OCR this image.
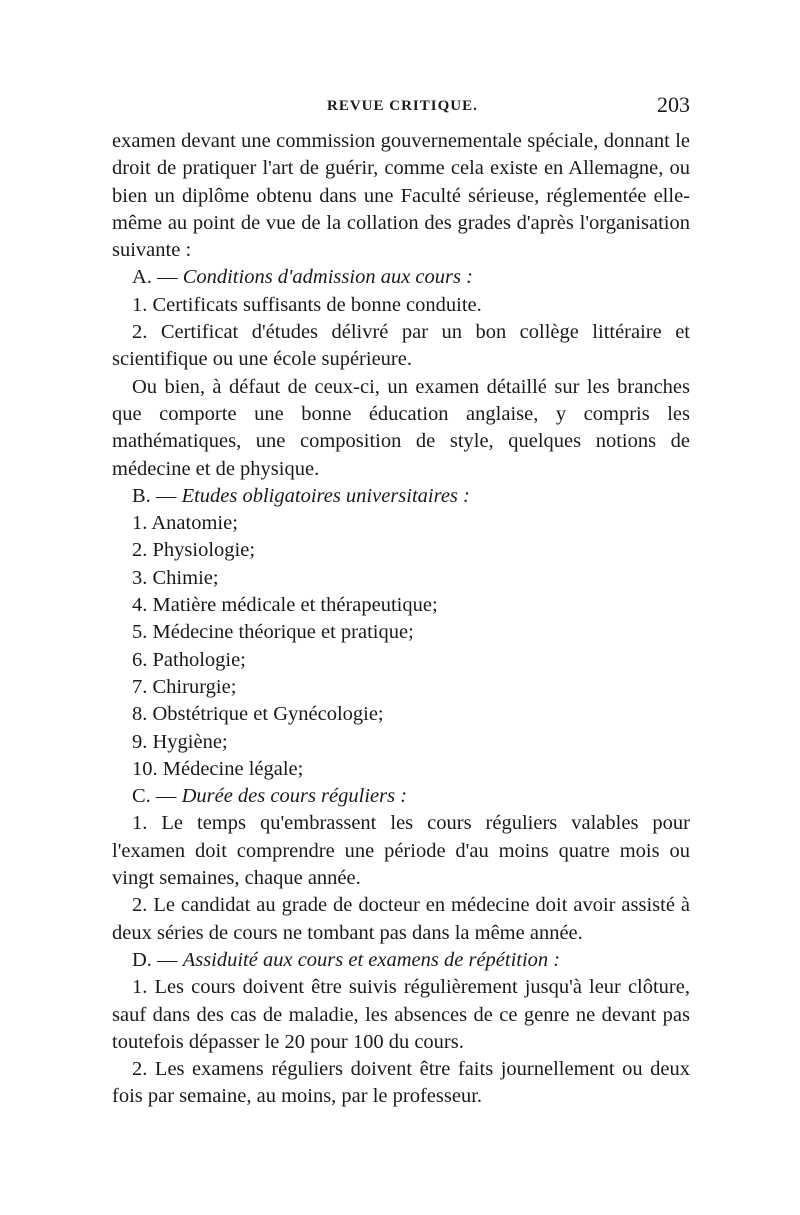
REVUE CRITIQUE.	203

examen devant une commission gouvernementale spéciale, donnant le droit de pratiquer l'art de guérir, comme cela existe en Allemagne, ou bien un diplôme obtenu dans une Faculté sérieuse, réglementée elle-même au point de vue de la collation des grades d'après l'organisation suivante :

A. — Conditions d'admission aux cours :

1. Certificats suffisants de bonne conduite.

2. Certificat d'études délivré par un bon collège littéraire et scientifique ou une école supérieure.

Ou bien, à défaut de ceux-ci, un examen détaillé sur les branches que comporte une bonne éducation anglaise, y compris les mathématiques, une composition de style, quelques notions de médecine et de physique.

B. — Etudes obligatoires universitaires :

1. Anatomie;

2. Physiologie;

3. Chimie;

4. Matière médicale et thérapeutique;

5. Médecine théorique et pratique;

6. Pathologie;

7. Chirurgie;

8. Obstétrique et Gynécologie;

9. Hygiène;

10. Médecine légale;

C. — Durée des cours réguliers :

1. Le temps qu'embrassent les cours réguliers valables pour l'examen doit comprendre une période d'au moins quatre mois ou vingt semaines, chaque année.

2. Le candidat au grade de docteur en médecine doit avoir assisté à deux séries de cours ne tombant pas dans la même année.

D. — Assiduité aux cours et examens de répétition :

1. Les cours doivent être suivis régulièrement jusqu'à leur clôture, sauf dans des cas de maladie, les absences de ce genre ne devant pas toutefois dépasser le 20 pour 100 du cours.

2. Les examens réguliers doivent être faits journellement ou deux fois par semaine, au moins, par le professeur.
